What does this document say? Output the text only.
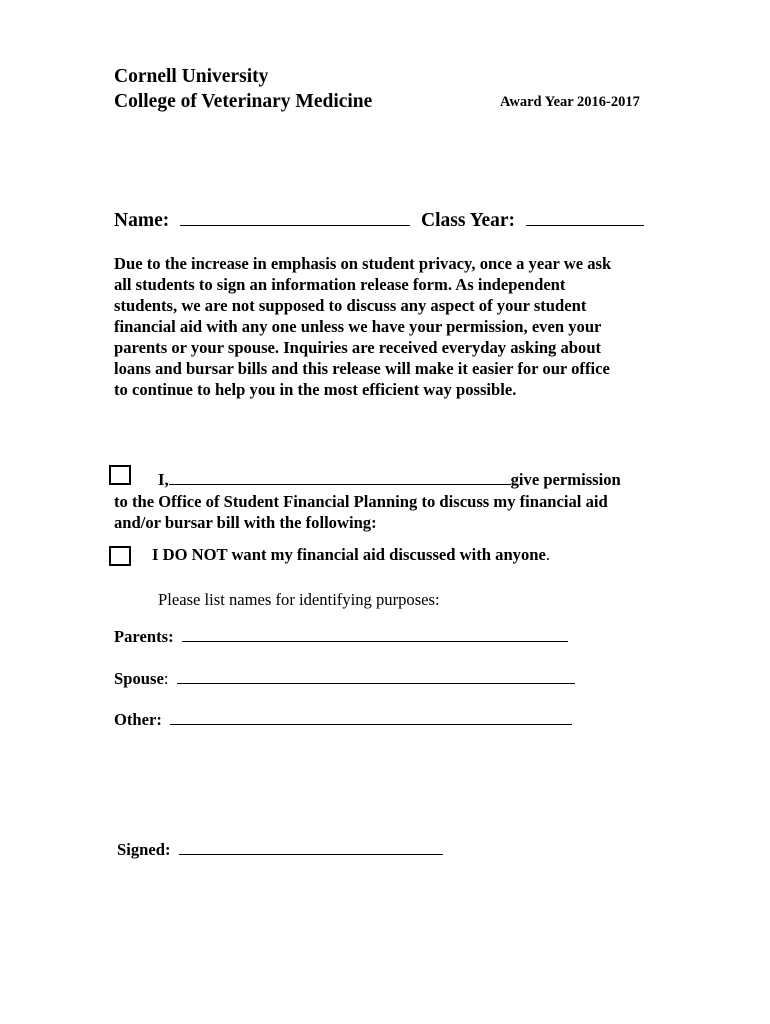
Cornell University
College of Veterinary Medicine	Award Year 2016-2017
Name:	Class Year:
Due to the increase in emphasis on student privacy, once a year we ask
all students to sign an information release form. As independent
students, we are not supposed to discuss any aspect of your student
financial aid with any one unless we have your permission, even your
parents or your spouse. Inquiries are received everyday asking about
loans and bursar bills and this release will make it easier for our office
to continue to help you in the most efficient way possible.
I,	give permission
to the Office of Student Financial Planning to discuss my financial aid
and/or bursar bill with the following:
I DO NOT want my financial aid discussed with anyone.
Please list names for identifying purposes:
Parents:
Spouse:
Other:
Signed:
